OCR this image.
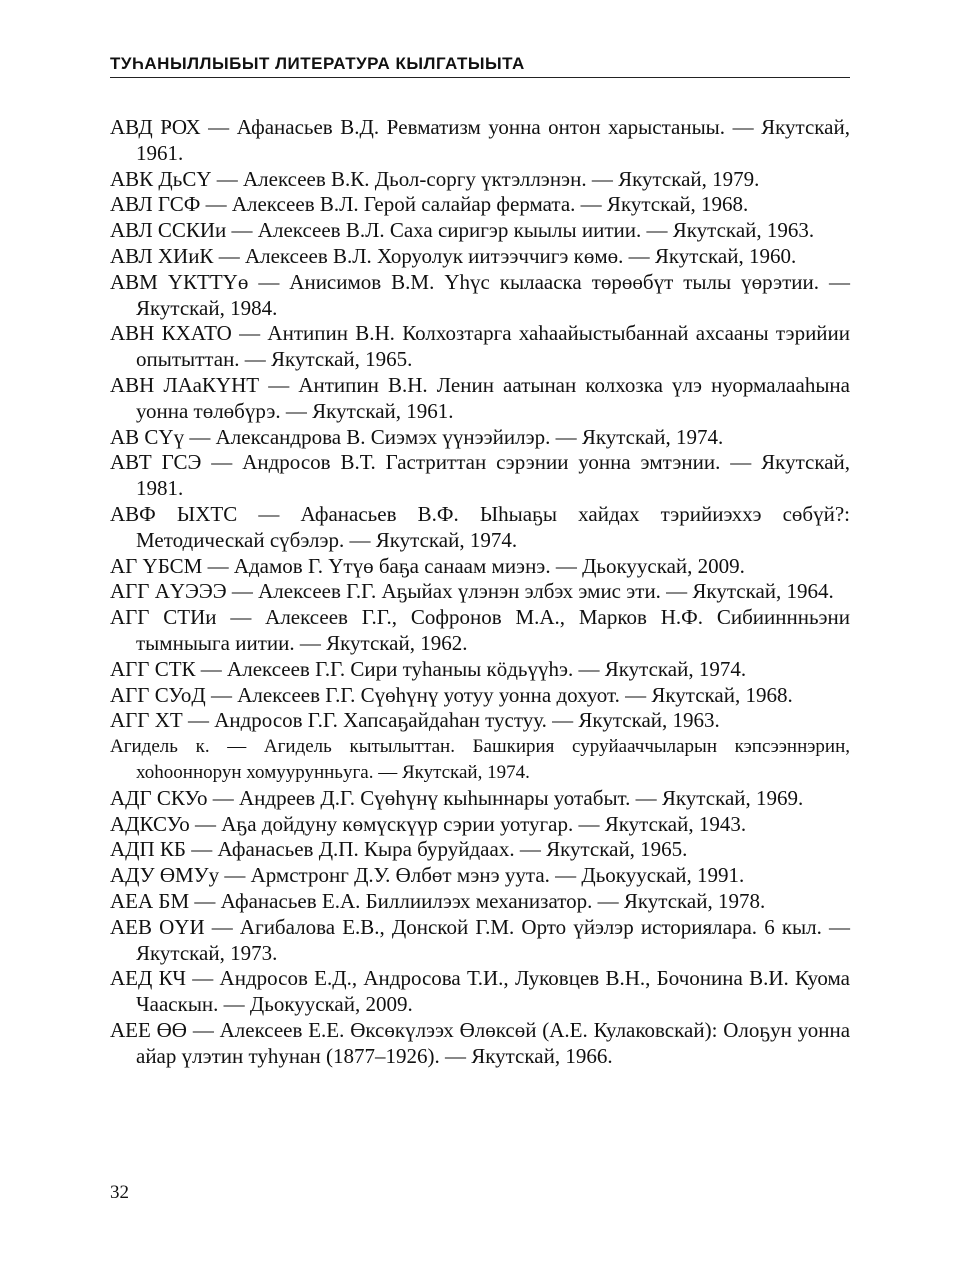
ТУҺАНЫЛЛЫБЫТ ЛИТЕРАТУРА КЫЛГАТЫЫТА
АВД ҎОХ — Афанасьев В.Д. Ҏевматизм уонна онтон харыстаныы. — Якутскай, 1961.
АВК ДьСҮ — Алексеев В.К. Дьол-соргу үктэллэнэн. — Якутскай, 1979.
АВЛ ГСФ — Алексеев В.Л. Герой салайар фермата. — Якутскай, 1968.
АВЛ ССКИи — Алексеев В.Л. Саха сиригэр кыылы иитии. — Якутскай, 1963.
АВЛ ХИиК — Алексеев В.Л. Хоруолук иитээччигэ көмө. — Якутскай, 1960.
АВМ ҮКТТҮө — Анисимов В.М. Үһүс кылааска төрөөбүт тылы үөрэтии. — Якутскай, 1984.
АВН КХАТО — Антипин В.Н. Колхозтарга хаһаайыстыбаннай ахсааны тэрийии опытыттан. — Якутскай, 1965.
АВН ЛАаКҮНТ — Антипин В.Н. Ленин аатынан колхозка үлэ нуормалааһына уонна төлөбүрэ. — Якутскай, 1961.
АВ СҮү — Александрова В. Сиэмэх үүнээйилэр. — Якутскай, 1974.
АВТ ГСЭ — Андросов В.Т. Гастриттан сэрэнии уонна эмтэнии. — Якутскай, 1981.
АВФ ЫХТС — Афанасьев В.Ф. Ыһыаҕы хайдах тэрийиэххэ сөбүй?: Методическай сүбэлэр. — Якутскай, 1974.
АГ ҮБСМ — Адамов Г. Үтүө баҕа санаам миэнэ. — Дьокуускай, 2009.
АГГ АҮЭЭЭ — Алексеев Г.Г. Аҕыйах үлэнэн элбэх эмис эти. — Якутскай, 1964.
АГГ СТИи — Алексеев Г.Г., Софронов М.А., Марков Н.Ф. Сибииннньэни тымныыга иитии. — Якутскай, 1962.
АГГ СТК — Алексеев Г.Г. Сири туһаныы кӧдьүүһэ. — Якутскай, 1974.
АГГ СУоД — Алексеев Г.Г. Сүөһүнү уотуу уонна дохуот. — Якутскай, 1968.
АГГ ХТ — Андросов Г.Г. Хапсаҕайдаһан тустуу. — Якутскай, 1963.
Агидель к. — Агидель кытылыттан. Башкирия суруйааччыларын кэпсээннэрин, хоһооннорун хомуурунньуга. — Якутскай, 1974.
АДГ СКУо — Андреев Д.Г. Сүөһүнү кыһыннары уотабыт. — Якутскай, 1969.
АДКСУо — Аҕа дойдуну көмүскүүр сэрии уотугар. — Якутскай, 1943.
АДП КБ — Афанасьев Д.П. Кыра буруйдаах. — Якутскай, 1965.
АДУ ӨМУу — Армстронг Д.У. Өлбөт мэнэ уута. — Дьокуускай, 1991.
АЕА БМ — Афанасьев Е.А. Биллиилээх механизатор. — Якутскай, 1978.
АЕВ ОҮИ — Агибалова Е.В., Донской Г.М. Орто үйэлэр историялара. 6 кыл. — Якутскай, 1973.
АЕД КЧ — Андросов Е.Д., Андросова Т.И., Луковцев В.Н., Бочонина В.И. Куома Чааскын. — Дьокуускай, 2009.
АЕЕ ӨӨ — Алексеев Е.Е. Өксөкүлээх Өлөксөй (А.Е. Кулаковскай): Олоҕун уонна айар үлэтин туһунан (1877–1926). — Якутскай, 1966.
32
